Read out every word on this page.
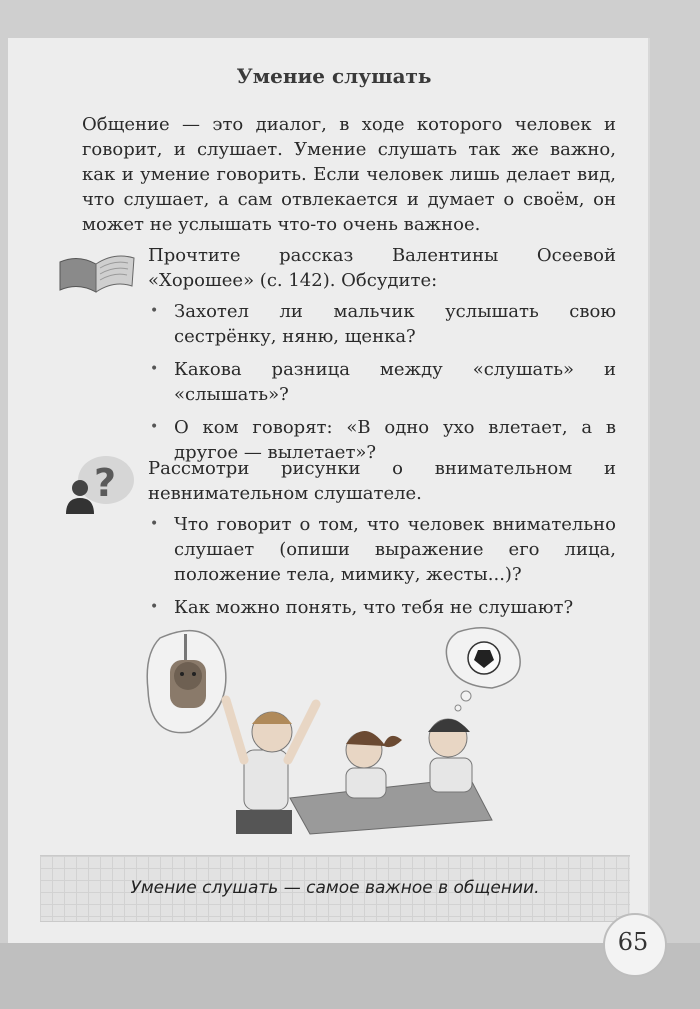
Умение слушать

Общение — это диалог, в ходе которого человек и говорит, и слушает. Умение слушать так же важно, как и умение говорить. Если человек лишь делает вид, что слушает, а сам отвлекается и думает о своём, он может не услышать что-то очень важное.

Прочтите рассказ Валентины Осеевой «Хорошее» (с. 142). Обсудите:

• Захотел ли мальчик услышать свою сестрёнку, няню, щенка?
• Какова разница между «слушать» и «слышать»?
• О ком говорят: «В одно ухо влетает, а в другое — вылетает»?
? Рассмотри рисунки о внимательном и невнимательном слушателе.

• Что говорит о том, что человек внимательно слушает (опиши выражение его лица, положение тела, мимику, жесты...)?
• Как можно понять, что тебя не слушают?

Умение слушать — самое важное в общении.

65
